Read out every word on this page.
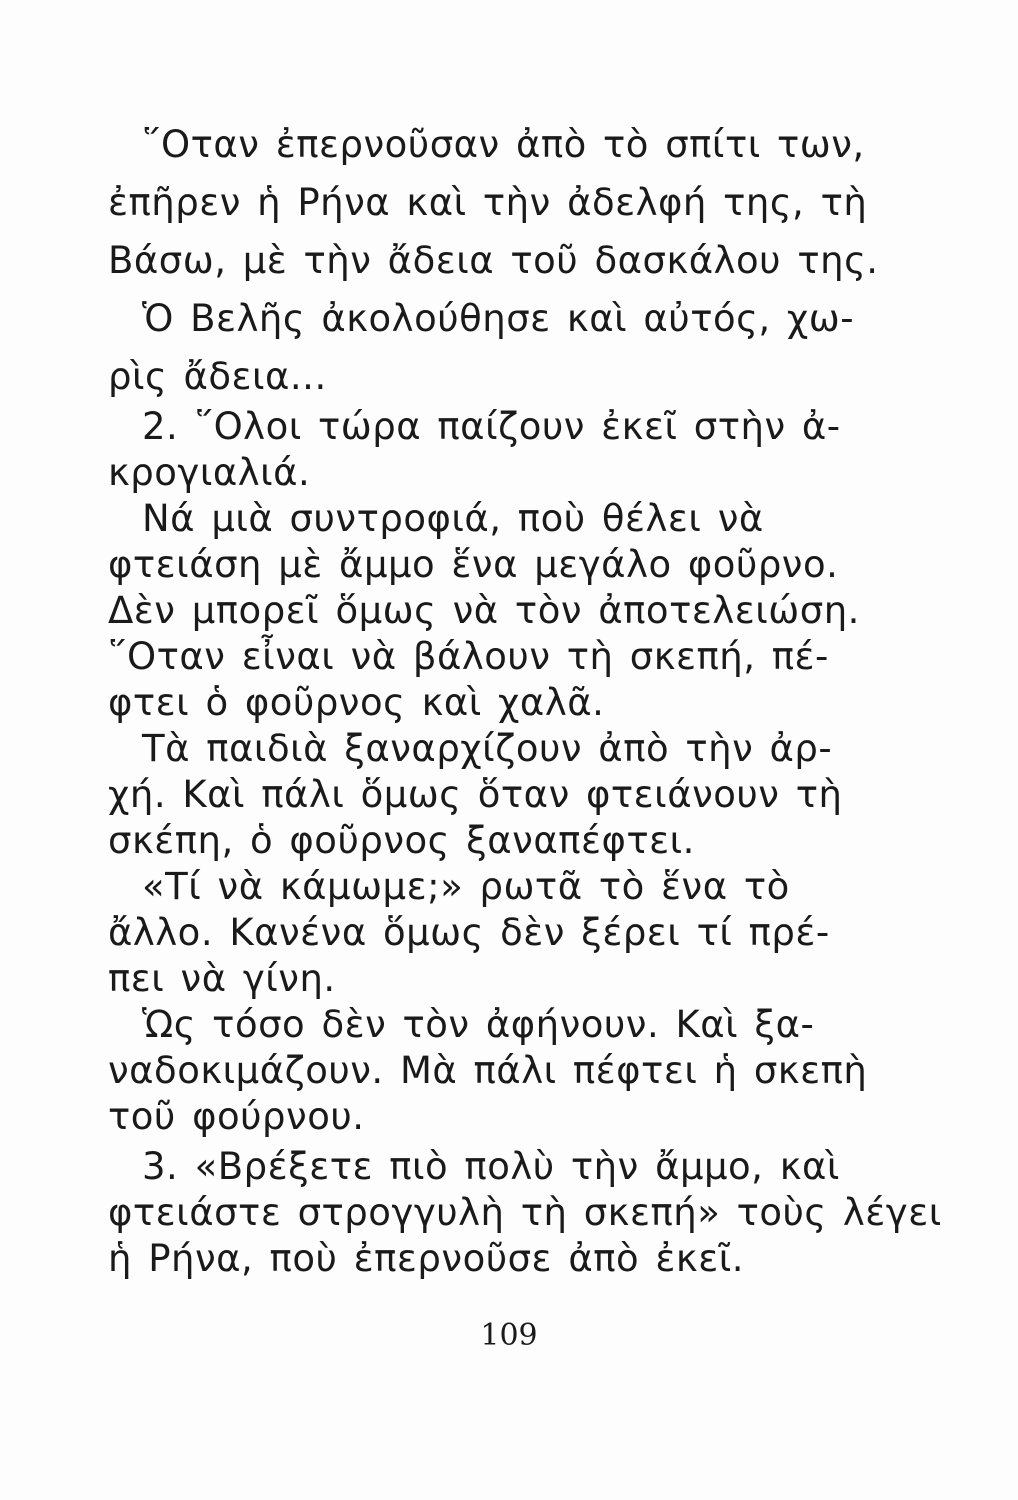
῞Οταν ἐπερνοῦσαν ἀπὸ τὸ σπίτι των,
ἐπῆρεν ἡ Ρήνα καὶ τὴν ἀδελφή της, τὴ
Βάσω, μὲ τὴν ἄδεια τοῦ δασκάλου της.
Ὁ Βελῆς ἀκολούθησε καὶ αὐτός, χω-
ρὶς ἄδεια...
2. ῞Ολοι τώρα παίζουν ἐκεῖ στὴν ἀ-
κρογιαλιά.
Νά μιὰ συντροφιά, ποὺ θέλει νὰ
φτειάση μὲ ἄμμο ἕνα μεγάλο φοῦρνο.
Δὲν μπορεῖ ὅμως νὰ τὸν ἀποτελειώση.
῞Οταν εἶναι νὰ βάλουν τὴ σκεπή, πέ-
φτει ὁ φοῦρνος καὶ χαλᾶ.
Τὰ παιδιὰ ξαναρχίζουν ἀπὸ τὴν ἀρ-
χή. Καὶ πάλι ὅμως ὅταν φτειάνουν τὴ
σκέπη, ὁ φοῦρνος ξαναπέφτει.
«Τί νὰ κάμωμε;» ρωτᾶ τὸ ἕνα τὸ
ἄλλο. Κανένα ὅμως δὲν ξέρει τί πρέ-
πει νὰ γίνη.
Ὡς τόσο δὲν τὸν ἀφήνουν. Καὶ ξα-
ναδοκιμάζουν. Μὰ πάλι πέφτει ἡ σκεπὴ
τοῦ φούρνου.
3. «Βρέξετε πιὸ πολὺ τὴν ἄμμο, καὶ
φτειάστε στρογγυλὴ τὴ σκεπή» τοὺς λέγει
ἡ Ρήνα, ποὺ ἐπερνοῦσε ἀπὸ ἐκεῖ.
109
